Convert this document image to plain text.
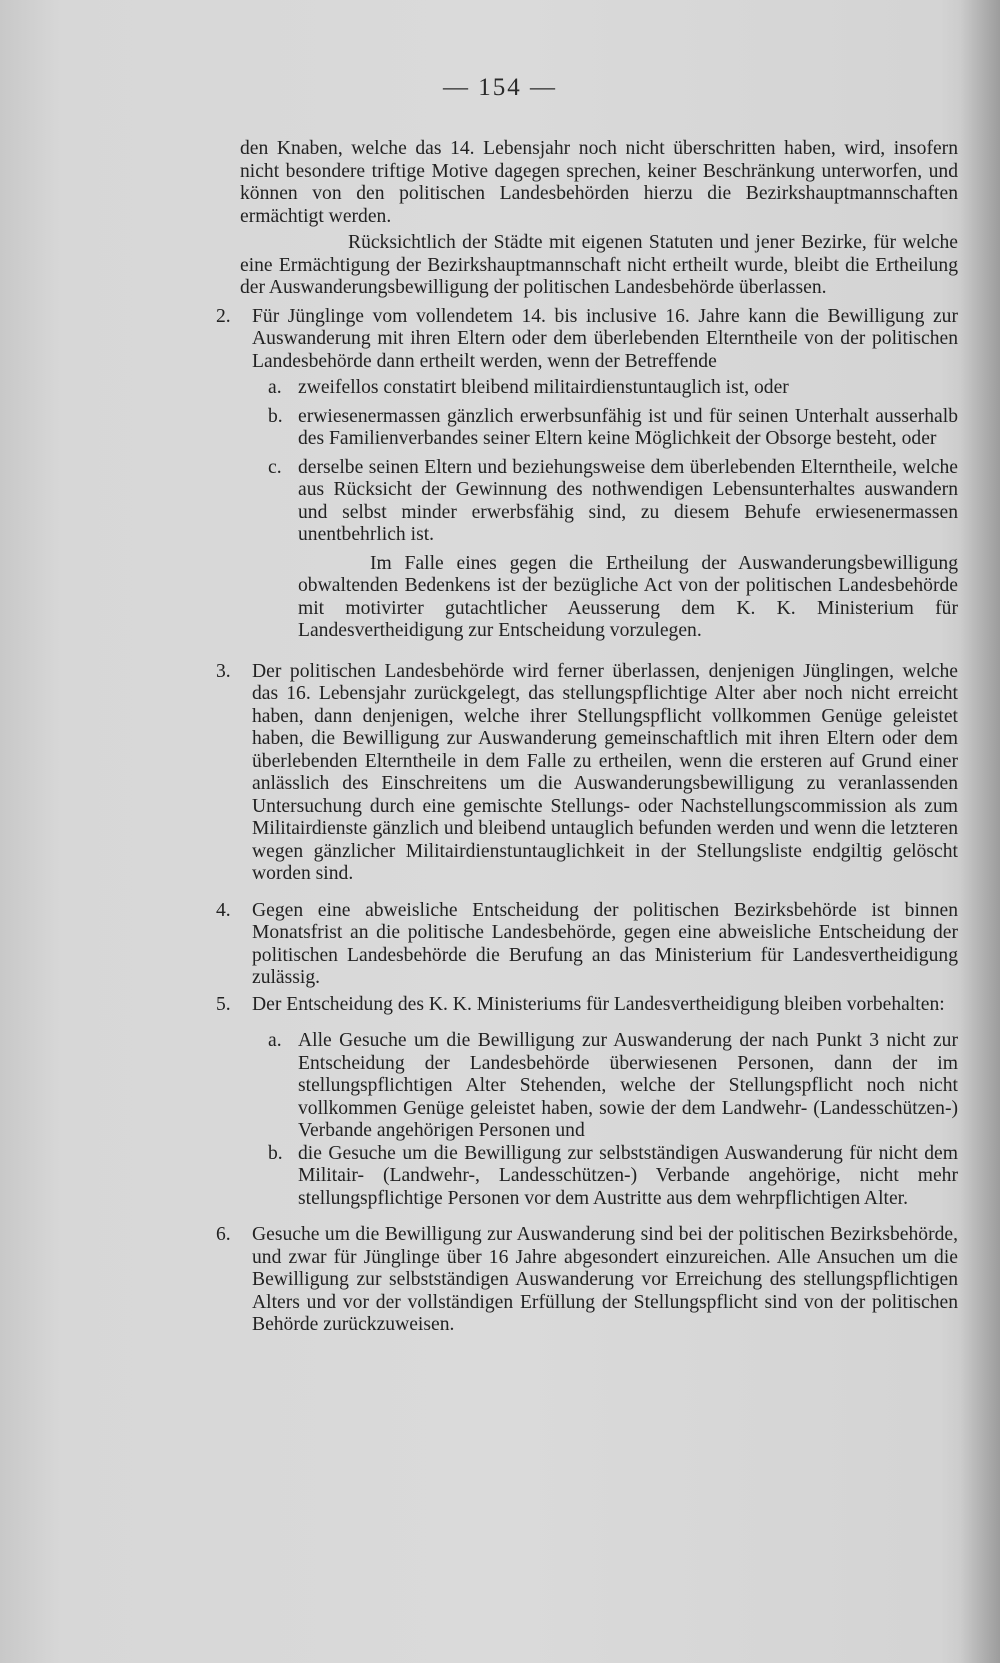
— 154 —

den Knaben, welche das 14. Lebensjahr noch nicht überschritten haben, wird, insofern nicht besondere triftige Motive dagegen sprechen, keiner Beschränkung unterworfen, und können von den politischen Landesbehörden hierzu die Bezirkshauptmannschaften ermächtigt werden.

Rücksichtlich der Städte mit eigenen Statuten und jener Bezirke, für welche eine Ermächtigung der Bezirkshauptmannschaft nicht ertheilt wurde, bleibt die Ertheilung der Auswanderungsbewilligung der politischen Landesbehörde überlassen.

2.	Für Jünglinge vom vollendetem 14. bis inclusive 16. Jahre kann die Bewilligung zur Auswanderung mit ihren Eltern oder dem überlebenden Elterntheile von der politischen Landesbehörde dann ertheilt werden, wenn der Betreffende

a. zweifellos constatirt bleibend militairdienstuntauglich ist, oder

b. erwiesenermassen gänzlich erwerbsunfähig ist und für seinen Unterhalt ausserhalb des Familienverbandes seiner Eltern keine Möglichkeit der Obsorge besteht, oder

c. derselbe seinen Eltern und beziehungsweise dem überlebenden Elterntheile, welche aus Rücksicht der Gewinnung des nothwendigen Lebensunterhaltes auswandern und selbst minder erwerbsfähig sind, zu diesem Behufe erwiesenermassen unentbehrlich ist.

Im Falle eines gegen die Ertheilung der Auswanderungsbewilligung obwaltenden Bedenkens ist der bezügliche Act von der politischen Landesbehörde mit motivirter gutachtlicher Aeusserung dem K. K. Ministerium für Landesvertheidigung zur Entscheidung vorzulegen.

3.	Der politischen Landesbehörde wird ferner überlassen, denjenigen Jünglingen, welche das 16. Lebensjahr zurückgelegt, das stellungspflichtige Alter aber noch nicht erreicht haben, dann denjenigen, welche ihrer Stellungspflicht vollkommen Genüge geleistet haben, die Bewilligung zur Auswanderung gemeinschaftlich mit ihren Eltern oder dem überlebenden Elterntheile in dem Falle zu ertheilen, wenn die ersteren auf Grund einer anlässlich des Einschreitens um die Auswanderungsbewilligung zu veranlassenden Untersuchung durch eine gemischte Stellungs- oder Nachstellungscommission als zum Militairdienste gänzlich und bleibend untauglich befunden werden und wenn die letzteren wegen gänzlicher Militairdienstuntauglichkeit in der Stellungsliste endgiltig gelöscht worden sind.

4.	Gegen eine abweisliche Entscheidung der politischen Bezirksbehörde ist binnen Monatsfrist an die politische Landesbehörde, gegen eine abweisliche Entscheidung der politischen Landesbehörde die Berufung an das Ministerium für Landesvertheidigung zulässig.

5.	Der Entscheidung des K. K. Ministeriums für Landesvertheidigung bleiben vorbehalten:

a. Alle Gesuche um die Bewilligung zur Auswanderung der nach Punkt 3 nicht zur Entscheidung der Landesbehörde überwiesenen Personen, dann der im stellungspflichtigen Alter Stehenden, welche der Stellungspflicht noch nicht vollkommen Genüge geleistet haben, sowie der dem Landwehr- (Landesschützen-) Verbande angehörigen Personen und

b. die Gesuche um die Bewilligung zur selbstständigen Auswanderung für nicht dem Militair- (Landwehr-, Landesschützen-) Verbande angehörige, nicht mehr stellungspflichtige Personen vor dem Austritte aus dem wehrpflichtigen Alter.

6.	Gesuche um die Bewilligung zur Auswanderung sind bei der politischen Bezirksbehörde, und zwar für Jünglinge über 16 Jahre abgesondert einzureichen. Alle Ansuchen um die Bewilligung zur selbstständigen Auswanderung vor Erreichung des stellungspflichtigen Alters und vor der vollständigen Erfüllung der Stellungspflicht sind von der politischen Behörde zurückzuweisen.
